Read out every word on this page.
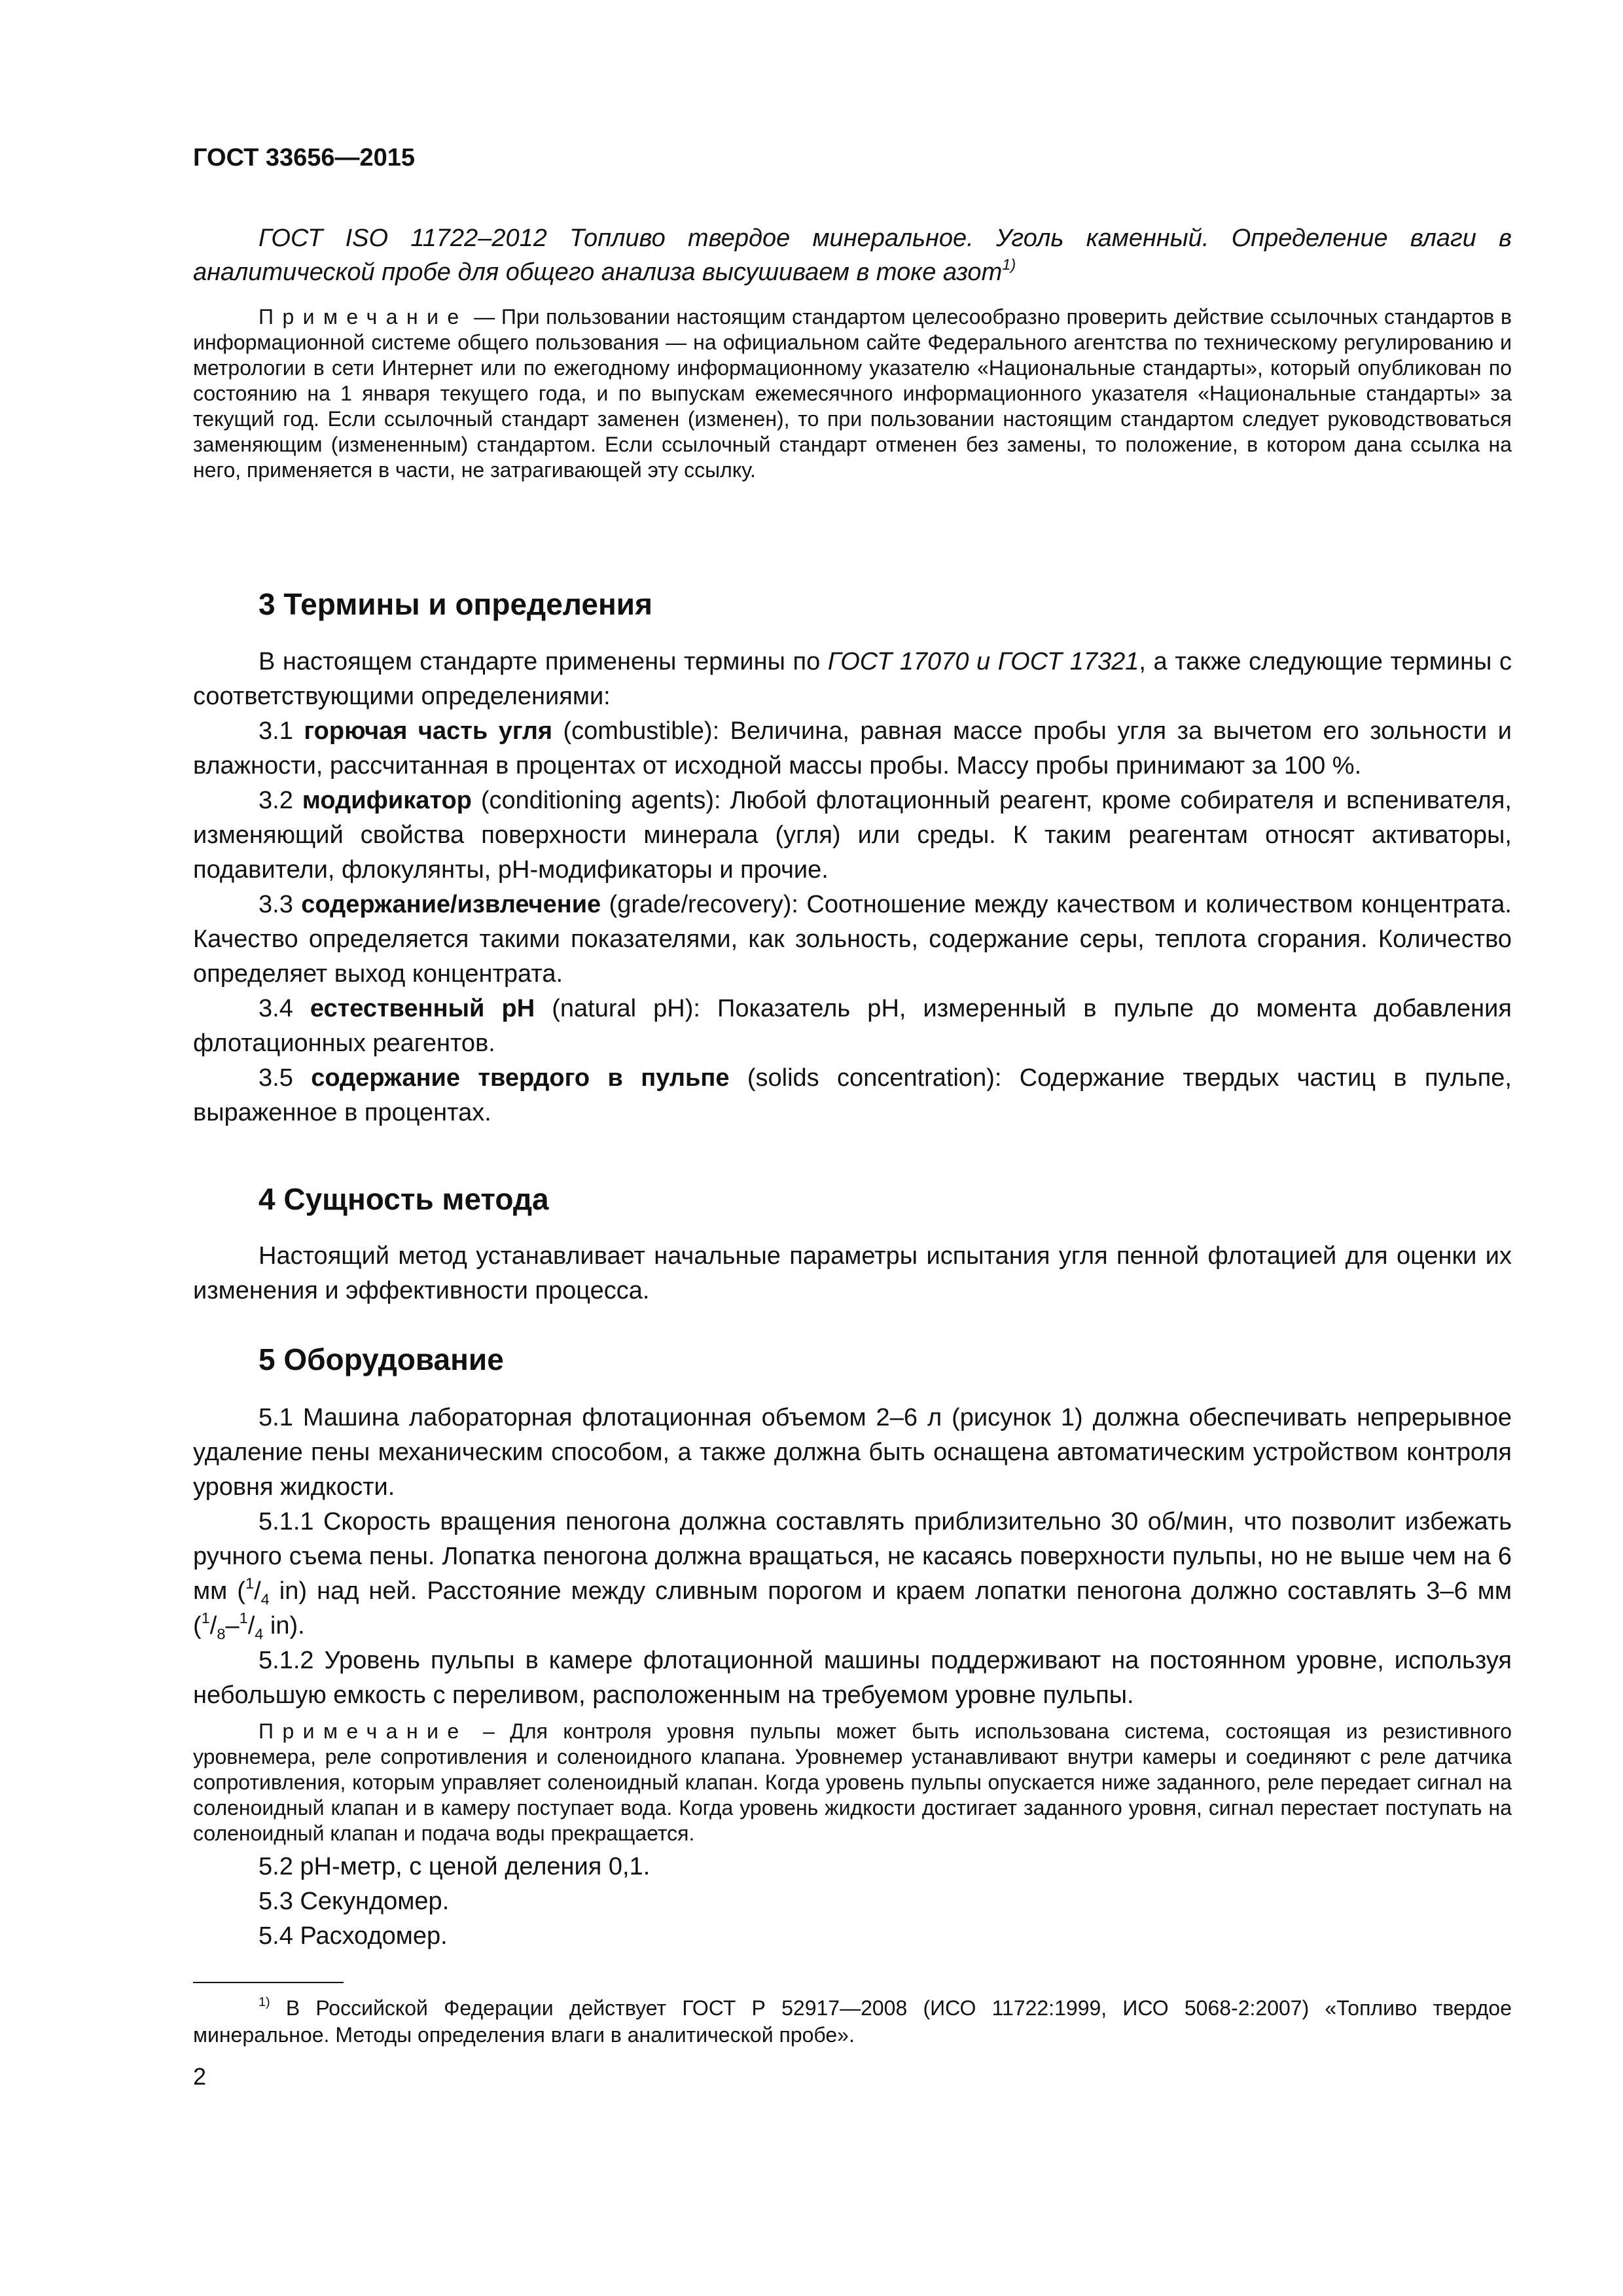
ГОСТ 33656—2015
ГОСТ ISO 11722–2012 Топливо твердое минеральное. Уголь каменный. Определение влаги в аналитической пробе для общего анализа высушиваем в токе азот$^{1)}$
Примечание — При пользовании настоящим стандартом целесообразно проверить действие ссылочных стандартов в информационной системе общего пользования — на официальном сайте Федерального агентства по техническому регулированию и метрологии в сети Интернет или по ежегодному информационному указателю «Национальные стандарты», который опубликован по состоянию на 1 января текущего года, и по выпускам ежемесячного информационного указателя «Национальные стандарты» за текущий год. Если ссылочный стандарт заменен (изменен), то при пользовании настоящим стандартом следует руководствоваться заменяющим (измененным) стандартом. Если ссылочный стандарт отменен без замены, то положение, в котором дана ссылка на него, применяется в части, не затрагивающей эту ссылку.
3 Термины и определения
В настоящем стандарте применены термины по ГОСТ 17070 и ГОСТ 17321, а также следующие термины с соответствующими определениями:

3.1 горючая часть угля (combustible): Величина, равная массе пробы угля за вычетом его зольности и влажности, рассчитанная в процентах от исходной массы пробы. Массу пробы принимают за 100 %.

3.2 модификатор (conditioning agents): Любой флотационный реагент, кроме собирателя и вспенивателя, изменяющий свойства поверхности минерала (угля) или среды. К таким реагентам относят активаторы, подавители, флокулянты, pH-модификаторы и прочие.

3.3 содержание/извлечение (grade/recovery): Соотношение между качеством и количеством концентрата. Качество определяется такими показателями, как зольность, содержание серы, теплота сгорания. Количество определяет выход концентрата.

3.4 естественный pH (natural pH): Показатель pH, измеренный в пульпе до момента добавления флотационных реагентов.

3.5 содержание твердого в пульпе (solids concentration): Содержание твердых частиц в пульпе, выраженное в процентах.

4 Сущность метода
Настоящий метод устанавливает начальные параметры испытания угля пенной флотацией для оценки их изменения и эффективности процесса.
5 Оборудование

5.1 Машина лабораторная флотационная объемом 2–6 л (рисунок 1) должна обеспечивать непрерывное удаление пены механическим способом, а также должна быть оснащена автоматическим устройством контроля уровня жидкости.

5.1.1 Скорость вращения пеногона должна составлять приблизительно 30 об/мин, что позволит избежать ручного съема пены. Лопатка пеногона должна вращаться, не касаясь поверхности пульпы, но не выше чем на 6 мм ($^1/_4$ in) над ней. Расстояние между сливным порогом и краем лопатки пеногона должно составлять 3–6 мм ($^1/_8-^1/_4$ in).

5.1.2 Уровень пульпы в камере флотационной машины поддерживают на постоянном уровне, используя небольшую емкость с переливом, расположенным на требуемом уровне пульпы.

Примечание – Для контроля уровня пульпы может быть использована система, состоящая из резистивного уровнемера, реле сопротивления и соленоидного клапана. Уровнемер устанавливают внутри камеры и соединяют с реле датчика сопротивления, которым управляет соленоидный клапан. Когда уровень пульпы опускается ниже заданного, реле передает сигнал на соленоидный клапан и в камеру поступает вода. Когда уровень жидкости достигает заданного уровня, сигнал перестает поступать на соленоидный клапан и подача воды прекращается.
5.2 pH-метр, с ценой деления 0,1.
5.3 Секундомер.
5.4 Расходомер.
$^{1)}$ В Российской Федерации действует ГОСТ Р 52917—2008 (ИСО 11722:1999, ИСО 5068-2:2007) «Топливо твердое минеральное. Методы определения влаги в аналитической пробе».
2
